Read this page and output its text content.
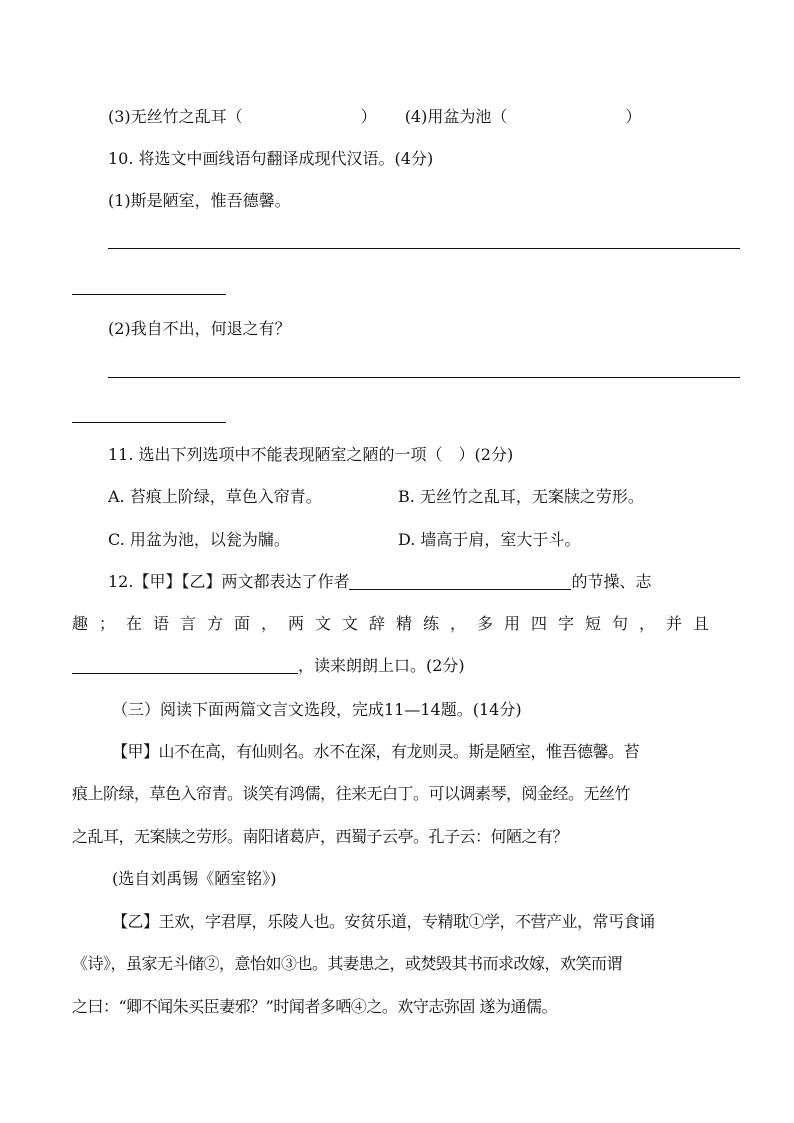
(3)无丝竹之乱耳（	） (4)用盆为池（	）
10. 将选文中画线语句翻译成现代汉语。(4分)
(1)斯是陋室，惟吾德馨。
(2)我自不出，何退之有？
11. 选出下列选项中不能表现陋室之陋的一项（　）(2分)
A. 苔痕上阶绿，草色入帘青。	B. 无丝竹之乱耳，无案牍之劳形。
C. 用盆为池，以瓮为牖。	D. 墙高于肩，室大于斗。
12.【甲】【乙】两文都表达了作者	的节操、志
趣；在语言方面，两文文辞精练，多用四字短句，并且
，读来朗朗上口。(2分)
（三）阅读下面两篇文言文选段，完成11—14题。(14分)
【甲】山不在高，有仙则名。水不在深，有龙则灵。斯是陋室，惟吾德馨。苔
痕上阶绿，草色入帘青。谈笑有鸿儒，往来无白丁。可以调素琴，阅金经。无丝竹
之乱耳，无案牍之劳形。南阳诸葛庐，西蜀子云亭。孔子云：何陋之有？
(选自刘禹锡《陋室铭》)
【乙】王欢，字君厚，乐陵人也。安贫乐道，专精耽①学，不营产业，常丐食诵
《诗》，虽家无斗储②，意怡如③也。其妻患之，或焚毁其书而求改嫁，欢笑而谓
之曰：“卿不闻朱买臣妻邪？”时闻者多哂④之。欢守志弥固 遂为通儒。
